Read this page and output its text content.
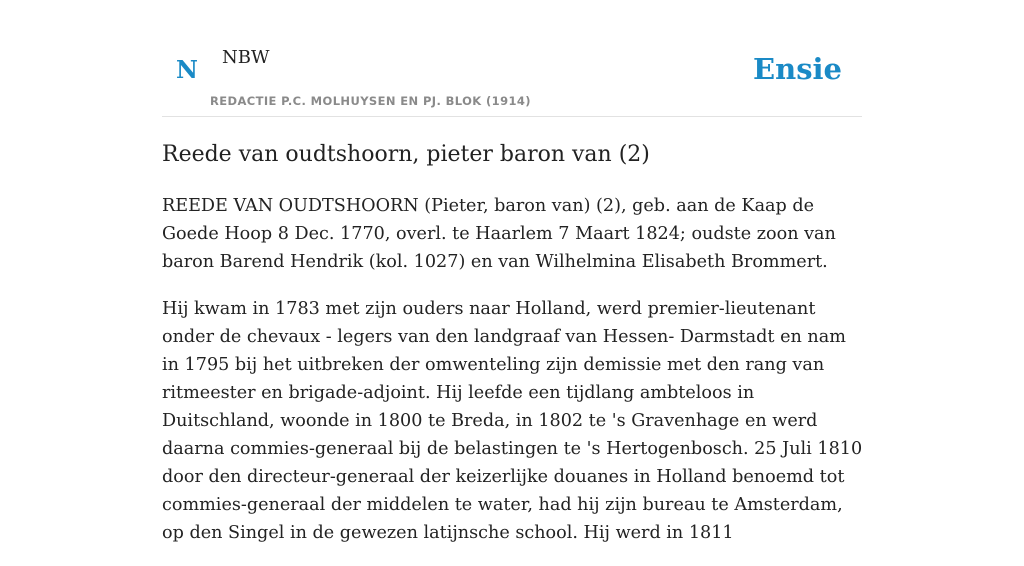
N NBW
REDACTIE P.C. MOLHUYSEN EN PJ. BLOK (1914)
Ensie
Reede van oudtshoorn, pieter baron van (2)

REEDE VAN OUDTSHOORN (Pieter, baron van) (2), geb. aan de Kaap de Goede Hoop 8 Dec. 1770, overl. te Haarlem 7 Maart 1824; oudste zoon van baron Barend Hendrik (kol. 1027) en van Wilhelmina Elisabeth Brommert.

Hij kwam in 1783 met zijn ouders naar Holland, werd premier-lieutenant onder de chevaux - legers van den landgraaf van Hessen- Darmstadt en nam in 1795 bij het uitbreken der omwenteling zijn demissie met den rang van ritmeester en brigade-adjoint. Hij leefde een tijdlang ambteloos in Duitschland, woonde in 1800 te Breda, in 1802 te 's Gravenhage en werd daarna commies-generaal bij de belastingen te 's Hertogenbosch. 25 Juli 1810 door den directeur-generaal der keizerlijke douanes in Holland benoemd tot commies-generaal der middelen te water, had hij zijn bureau te Amsterdam, op den Singel in de gewezen latijnsche school. Hij werd in 1811
